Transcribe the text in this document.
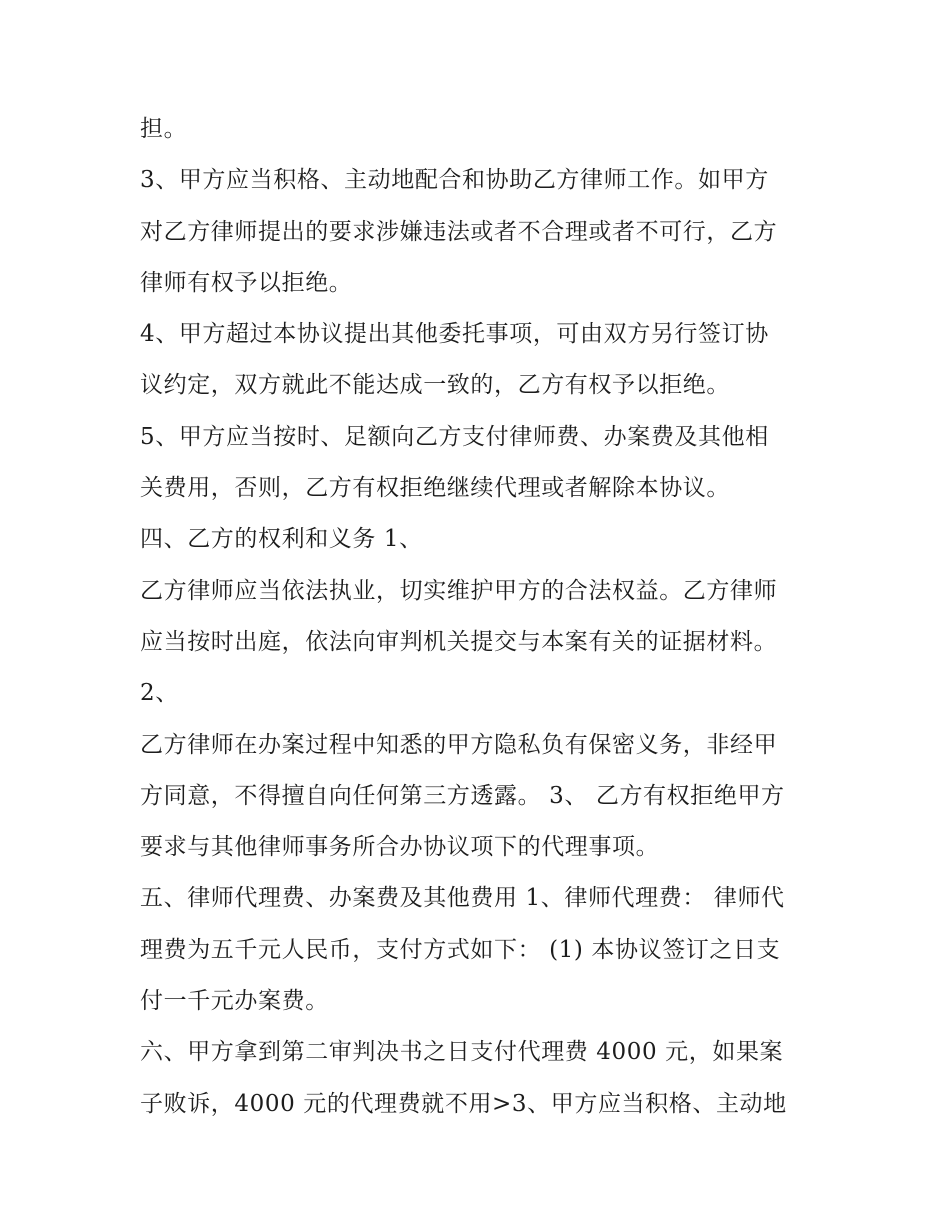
担。
3、甲方应当积格、主动地配合和协助乙方律师工作。如甲方
对乙方律师提出的要求涉嫌违法或者不合理或者不可行，乙方
律师有权予以拒绝。
4、甲方超过本协议提出其他委托事项，可由双方另行签订协
议约定，双方就此不能达成一致的，乙方有权予以拒绝。
5、甲方应当按时、足额向乙方支付律师费、办案费及其他相
关费用，否则，乙方有权拒绝继续代理或者解除本协议。
四、乙方的权利和义务 1、
乙方律师应当依法执业，切实维护甲方的合法权益。乙方律师
应当按时出庭，依法向审判机关提交与本案有关的证据材料。
2、
乙方律师在办案过程中知悉的甲方隐私负有保密义务，非经甲
方同意，不得擅自向任何第三方透露。 3、 乙方有权拒绝甲方
要求与其他律师事务所合办协议项下的代理事项。
五、律师代理费、办案费及其他费用 1、律师代理费： 律师代
理费为五千元人民币，支付方式如下： (1) 本协议签订之日支
付一千元办案费。
六、甲方拿到第二审判决书之日支付代理费 4000 元，如果案
子败诉，4000 元的代理费就不用>3、甲方应当积格、主动地
